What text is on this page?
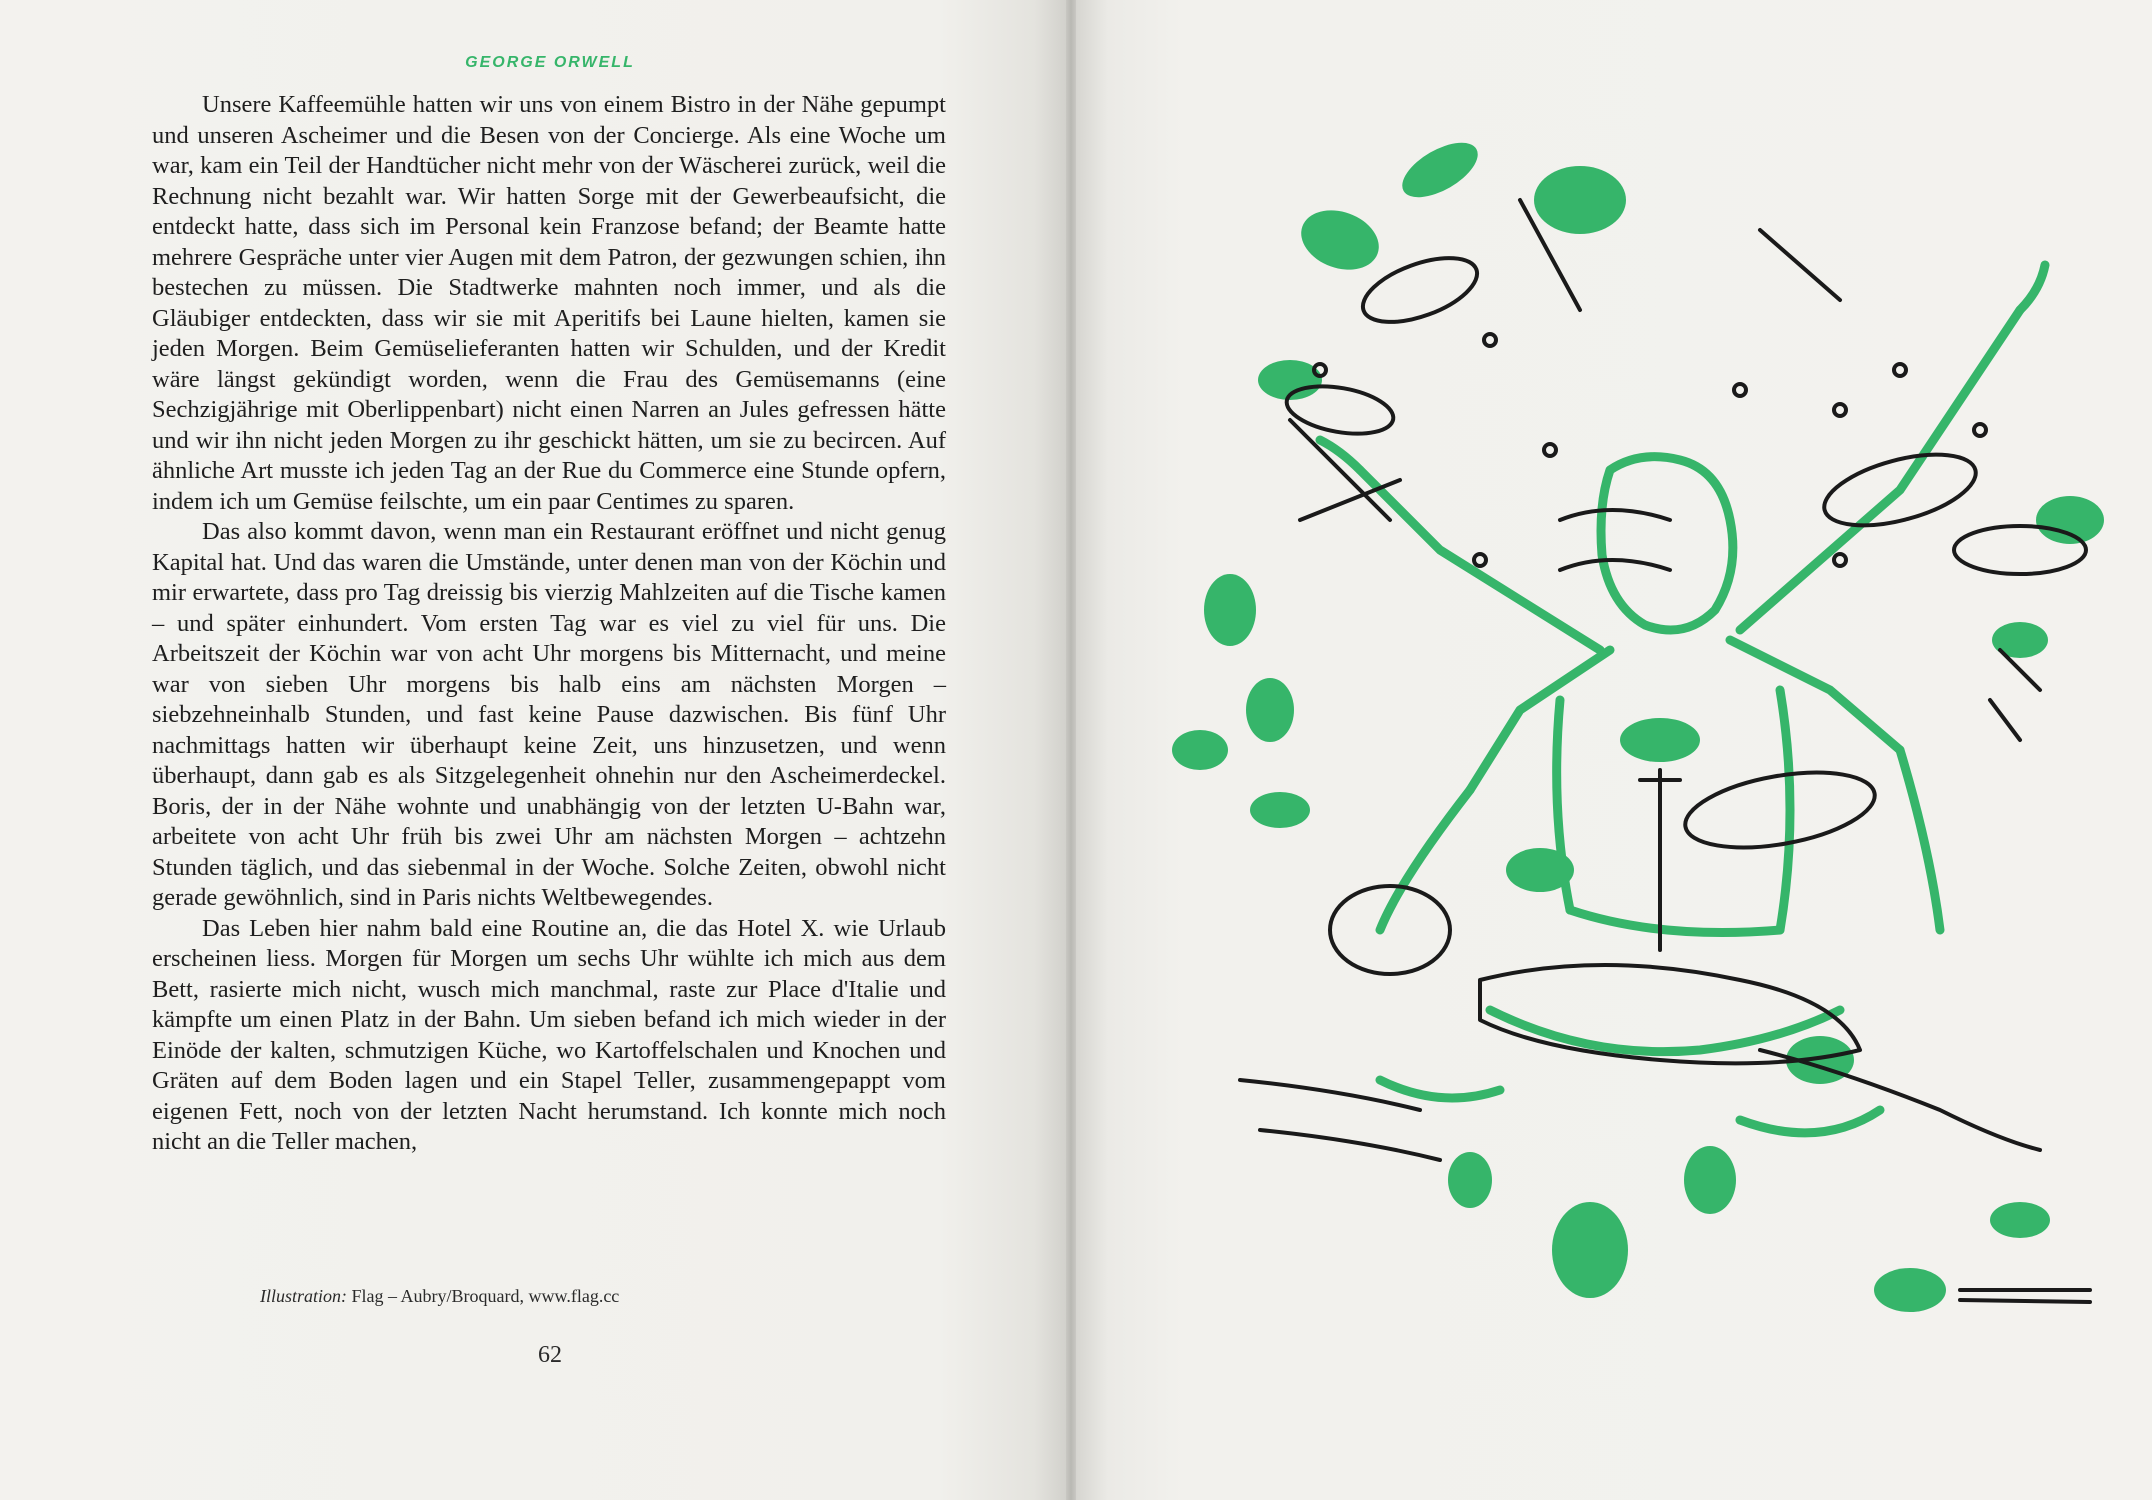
GEORGE ORWELL

Unsere Kaffeemühle hatten wir uns von einem Bistro in der Nähe gepumpt und unseren Ascheimer und die Besen von der Concierge. Als eine Woche um war, kam ein Teil der Handtücher nicht mehr von der Wäscherei zurück, weil die Rechnung nicht bezahlt war. Wir hatten Sorge mit der Gewerbeaufsicht, die entdeckt hatte, dass sich im Personal kein Franzose befand; der Beamte hatte mehrere Gespräche unter vier Augen mit dem Patron, der gezwungen schien, ihn bestechen zu müssen. Die Stadtwerke mahnten noch immer, und als die Gläubiger entdeckten, dass wir sie mit Aperitifs bei Laune hielten, kamen sie jeden Morgen. Beim Gemüselieferanten hatten wir Schulden, und der Kredit wäre längst gekündigt worden, wenn die Frau des Gemüsemanns (eine Sechzigjährige mit Oberlippenbart) nicht einen Narren an Jules gefressen hätte und wir ihn nicht jeden Morgen zu ihr geschickt hätten, um sie zu becircen. Auf ähnliche Art musste ich jeden Tag an der Rue du Commerce eine Stunde opfern, indem ich um Gemüse feilschte, um ein paar Centimes zu sparen.

Das also kommt davon, wenn man ein Restaurant eröffnet und nicht genug Kapital hat. Und das waren die Umstände, unter denen man von der Köchin und mir erwartete, dass pro Tag dreissig bis vierzig Mahlzeiten auf die Tische kamen – und später einhundert. Vom ersten Tag war es viel zu viel für uns. Die Arbeitszeit der Köchin war von acht Uhr morgens bis Mitternacht, und meine war von sieben Uhr morgens bis halb eins am nächsten Morgen – siebzehneinhalb Stunden, und fast keine Pause dazwischen. Bis fünf Uhr nachmittags hatten wir überhaupt keine Zeit, uns hinzusetzen, und wenn überhaupt, dann gab es als Sitzgelegenheit ohnehin nur den Ascheimerdeckel. Boris, der in der Nähe wohnte und unabhängig von der letzten U-Bahn war, arbeitete von acht Uhr früh bis zwei Uhr am nächsten Morgen – achtzehn Stunden täglich, und das siebenmal in der Woche. Solche Zeiten, obwohl nicht gerade gewöhnlich, sind in Paris nichts Weltbewegendes.

Das Leben hier nahm bald eine Routine an, die das Hotel X. wie Urlaub erscheinen liess. Morgen für Morgen um sechs Uhr wühlte ich mich aus dem Bett, rasierte mich nicht, wusch mich manchmal, raste zur Place d'Italie und kämpfte um einen Platz in der Bahn. Um sieben befand ich mich wieder in der Einöde der kalten, schmutzigen Küche, wo Kartoffelschalen und Knochen und Gräten auf dem Boden lagen und ein Stapel Teller, zusammengepappt vom eigenen Fett, noch von der letzten Nacht herumstand. Ich konnte mich noch nicht an die Teller machen,

Illustration: Flag – Aubry/Broquard, www.flag.cc
62
